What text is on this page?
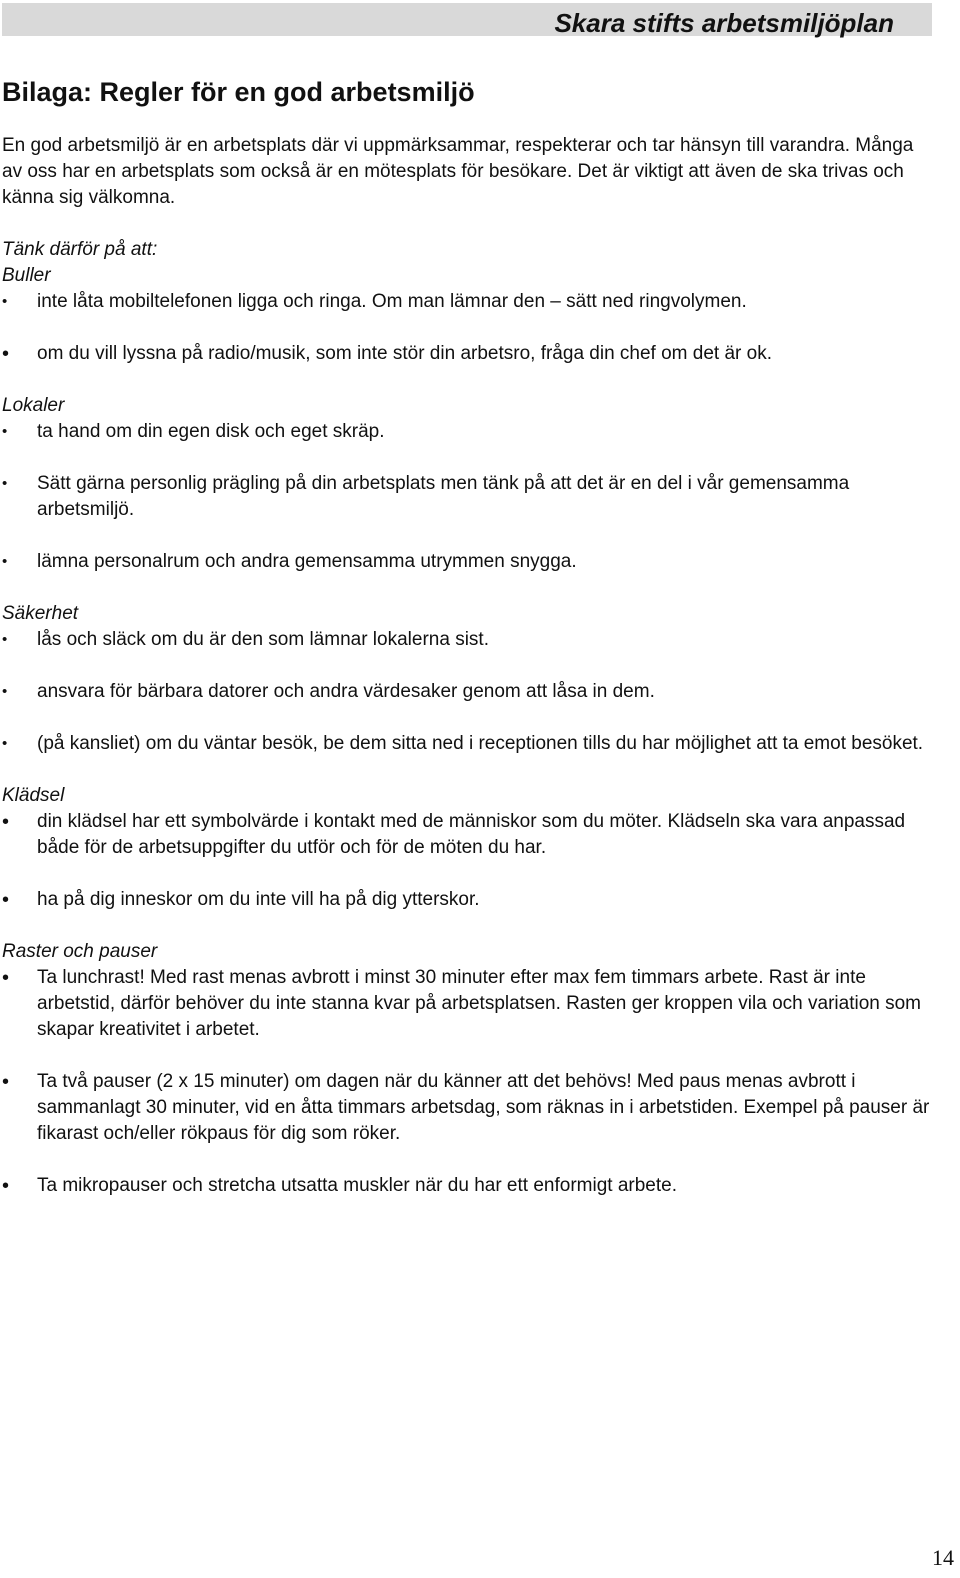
Skara stifts arbetsmiljöplan
Bilaga: Regler för en god arbetsmiljö

En god arbetsmiljö är en arbetsplats där vi uppmärksammar, respekterar och tar hänsyn till varandra. Många av oss har en arbetsplats som också är en mötesplats för besökare. Det är viktigt att även de ska trivas och känna sig välkomna.

Tänk därför på att:

Buller
•	inte låta mobiltelefonen ligga och ringa. Om man lämnar den – sätt ned ringvolymen.
•	om du vill lyssna på radio/musik, som inte stör din arbetsro, fråga din chef om det är ok.
Lokaler
•	ta hand om din egen disk och eget skräp.
•	Sätt gärna personlig prägling på din arbetsplats men tänk på att det är en del i vår gemensamma arbetsmiljö.
•	lämna personalrum och andra gemensamma utrymmen snygga.
Säkerhet
•	lås och släck om du är den som lämnar lokalerna sist.
•	ansvara för bärbara datorer och andra värdesaker genom att låsa in dem.
•	(på kansliet) om du väntar besök, be dem sitta ned i receptionen tills du har möjlighet att ta emot besöket.
Klädsel
•	din klädsel har ett symbolvärde i kontakt med de människor som du möter. Klädseln ska vara anpassad både för de arbetsuppgifter du utför och för de möten du har.
•	ha på dig inneskor om du inte vill ha på dig ytterskor.
Raster och pauser
•	Ta lunchrast! Med rast menas avbrott i minst 30 minuter efter max fem timmars arbete. Rast är inte arbetstid, därför behöver du inte stanna kvar på arbetsplatsen. Rasten ger kroppen vila och variation som skapar kreativitet i arbetet.
•	Ta två pauser (2 x 15 minuter) om dagen när du känner att det behövs! Med paus menas avbrott i sammanlagt 30 minuter, vid en åtta timmars arbetsdag, som räknas in i arbetstiden. Exempel på pauser är fikarast och/eller rökpaus för dig som röker.
•	Ta mikropauser och stretcha utsatta muskler när du har ett enformigt arbete.
14
